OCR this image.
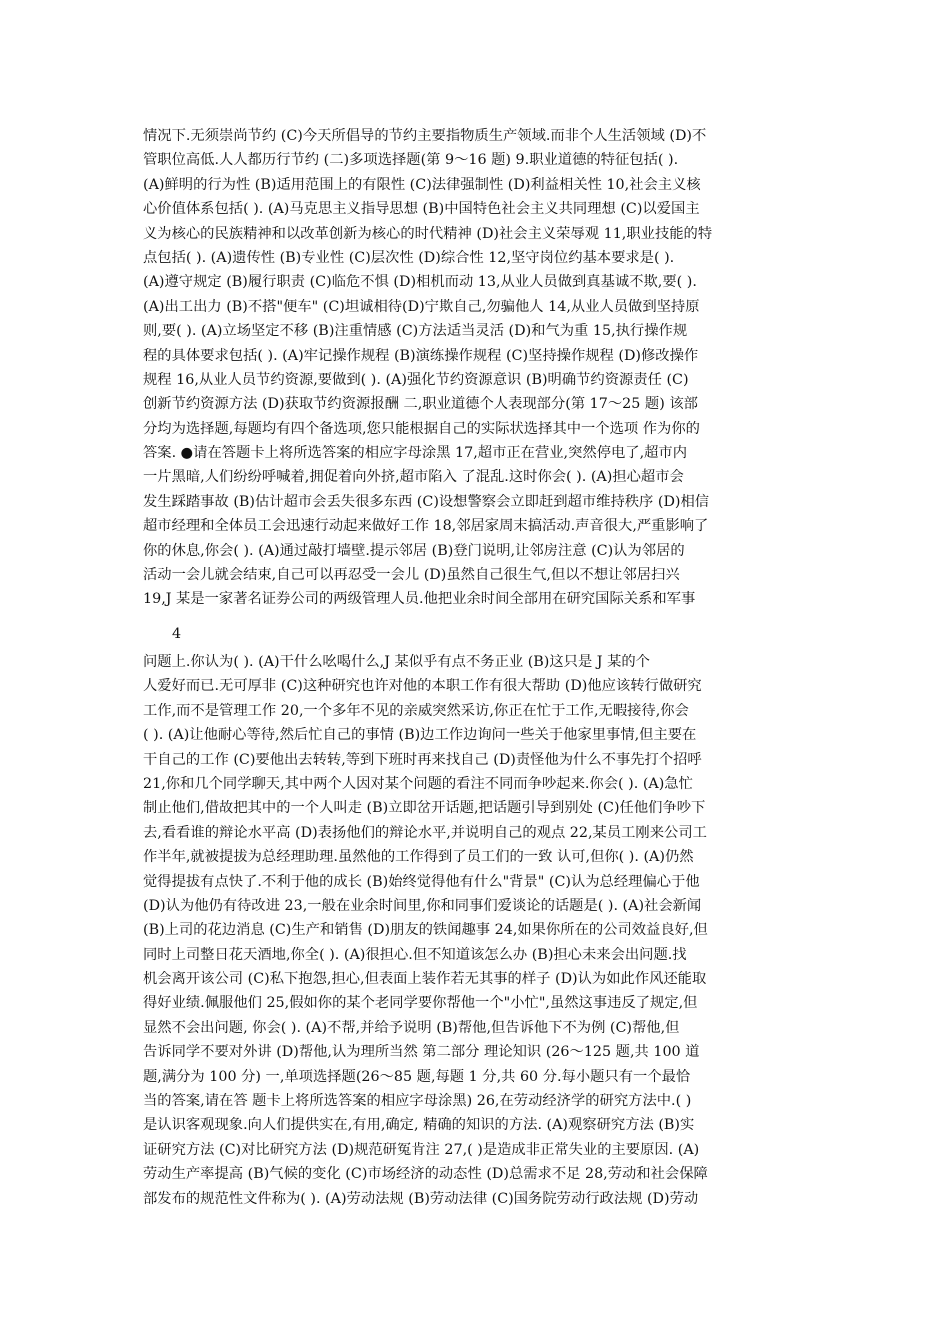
情况下.无须崇尚节约 (C)今天所倡导的节约主要指物质生产领域.而非个人生活领域 (D)不
管职位高低.人人都历行节约 (二)多项选择题(第 9～16 题) 9.职业道德的特征包括( ).
(A)鲜明的行为性 (B)适用范围上的有限性 (C)法律强制性 (D)利益相关性 10,社会主义核
心价值体系包括( ). (A)马克思主义指导思想 (B)中国特色社会主义共同理想 (C)以爱国主
义为核心的民族精神和以改革创新为核心的时代精神 (D)社会主义荣辱观 11,职业技能的特
点包括( ). (A)遗传性 (B)专业性 (C)层次性 (D)综合性 12,坚守岗位约基本要求是( ).
(A)遵守规定 (B)履行职责 (C)临危不惧 (D)相机而动 13,从业人员做到真基诚不欺,要( ).
(A)出工出力 (B)不搭"便车" (C)坦诚相待(D)宁欺自己,勿骗他人 14,从业人员做到坚持原
则,要( ). (A)立场坚定不移 (B)注重情感 (C)方法适当灵活 (D)和气为重 15,执行操作规
程的具体要求包括( ). (A)牢记操作规程 (B)演练操作规程 (C)坚持操作规程 (D)修改操作
规程 16,从业人员节约资源,要做到( ). (A)强化节约资源意识 (B)明确节约资源责任 (C)
创新节约资源方法 (D)获取节约资源报酬 二,职业道德个人表现部分(第 17～25 题) 该部
分均为选择题,每题均有四个备选项,您只能根据自己的实际状选择其中一个选项 作为你的
答案. ●请在答题卡上将所选答案的相应字母涂黑 17,超市正在营业,突然停电了,超市内
一片黑暗,人们纷纷呼喊着,拥促着向外挤,超市陷入 了混乱.这时你会( ). (A)担心超市会
发生踩踏事故 (B)估计超市会丢失很多东西 (C)设想警察会立即赶到超市维持秩序 (D)相信
超市经理和全体员工会迅速行动起来做好工作 18,邻居家周末搞活动.声音很大,严重影响了
你的休息,你会( ). (A)通过敲打墙壁.提示邻居 (B)登门说明,让邻房注意 (C)认为邻居的
活动一会儿就会结束,自己可以再忍受一会儿 (D)虽然自己很生气,但以不想让邻居扫兴
19,J 某是一家著名证券公司的两级管理人员.他把业余时间全部用在研究国际关系和军事
4
问题上.你认为( ). (A)干什么吆喝什么,J 某似乎有点不务正业 (B)这只是 J 某的个
人爱好而已.无可厚非 (C)这种研究也许对他的本职工作有很大帮助 (D)他应该转行做研究
工作,而不是管理工作 20,一个多年不见的亲威突然采访,你正在忙于工作,无暇接待,你会
( ). (A)让他耐心等待,然后忙自己的事情 (B)边工作边询问一些关于他家里事情,但主要在
干自己的工作 (C)要他出去转转,等到下班时再来找自己 (D)责怪他为什么不事先打个招呼
21,你和几个同学聊天,其中两个人因对某个问题的看注不同而争吵起来.你会( ). (A)急忙
制止他们,借故把其中的一个人叫走 (B)立即岔开话题,把话题引导到别处 (C)任他们争吵下
去,看看谁的辩论水平高 (D)表扬他们的辩论水平,并说明自己的观点 22,某员工刚来公司工
作半年,就被提拔为总经理助理.虽然他的工作得到了员工们的一致 认可,但你( ). (A)仍然
觉得提拔有点快了.不利于他的成长 (B)始终觉得他有什么"背景" (C)认为总经理偏心于他
(D)认为他仍有待改进 23,一般在业余时间里,你和同事们爱谈论的话题是( ). (A)社会新闻
(B)上司的花边消息 (C)生产和销售 (D)朋友的铁闻趣事 24,如果你所在的公司效益良好,但
同时上司整日花天酒地,你全( ). (A)很担心.但不知道该怎么办 (B)担心未来会出问题.找
机会离开该公司 (C)私下抱怨,担心,但表面上装作若无其事的样子 (D)认为如此作风还能取
得好业绩.佩服他们 25,假如你的某个老同学要你帮他一个"小忙",虽然这事违反了规定,但
显然不会出问题, 你会( ). (A)不帮,并给予说明 (B)帮他,但告诉他下不为例 (C)帮他,但
告诉同学不要对外讲 (D)帮他,认为理所当然 第二部分 理论知识 (26～125 题,共 100 道
题,满分为 100 分) 一,单项选择题(26～85 题,每题 1 分,共 60 分.每小题只有一个最恰
当的答案,请在答 题卡上将所选答案的相应字母涂黑) 26,在劳动经济学的研究方法中.( )
是认识客观现象.向人们提供实在,有用,确定, 精确的知识的方法. (A)观察研究方法 (B)实
证研究方法 (C)对比研究方法 (D)规范研冤肯注 27,( )是造成非正常失业的主要原因. (A)
劳动生产率提高 (B)气候的变化 (C)市场经济的动态性 (D)总需求不足 28,劳动和社会保障
部发布的规范性文件称为( ). (A)劳动法规 (B)劳动法律 (C)国务院劳动行政法规 (D)劳动
